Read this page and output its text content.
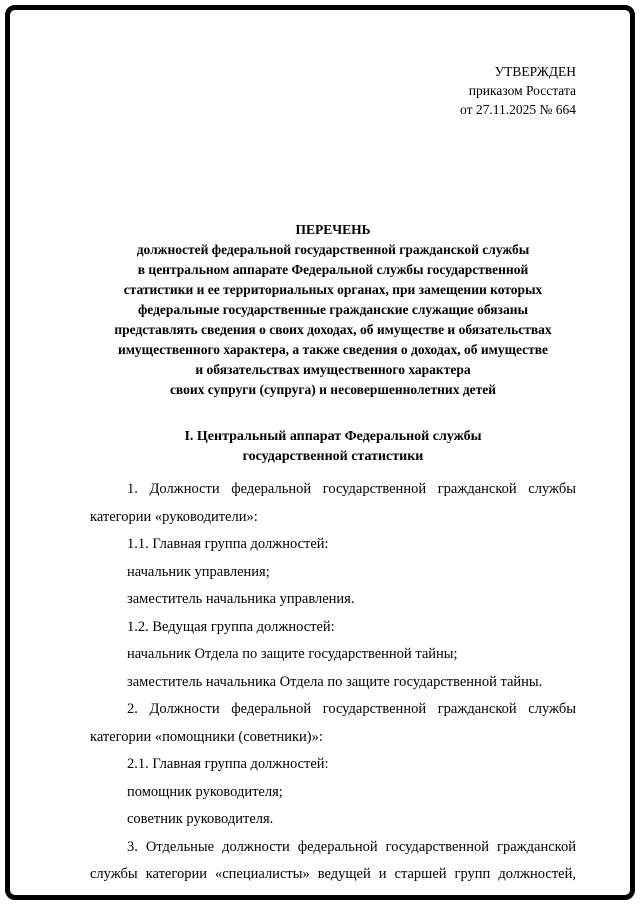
УТВЕРЖДЕН
приказом Росстата
от 27.11.2025 № 664
ПЕРЕЧЕНЬ
должностей федеральной государственной гражданской службы
в центральном аппарате Федеральной службы государственной
статистики и ее территориальных органах, при замещении которых
федеральные государственные гражданские служащие обязаны
представлять сведения о своих доходах, об имуществе и обязательствах
имущественного характера, а также сведения о доходах, об имуществе
и обязательствах имущественного характера
своих супруги (супруга) и несовершеннолетних детей
I. Центральный аппарат Федеральной службы
государственной статистики

1. Должности федеральной государственной гражданской службы категории «руководители»:

1.1. Главная группа должностей:

начальник управления;

заместитель начальника управления.

1.2. Ведущая группа должностей:

начальник Отдела по защите государственной тайны;

заместитель начальника Отдела по защите государственной тайны.

2. Должности федеральной государственной гражданской службы категории «помощники (советники)»:

2.1. Главная группа должностей:

помощник руководителя;

советник руководителя.

3. Отдельные должности федеральной государственной гражданской службы категории «специалисты» ведущей и старшей групп должностей,
